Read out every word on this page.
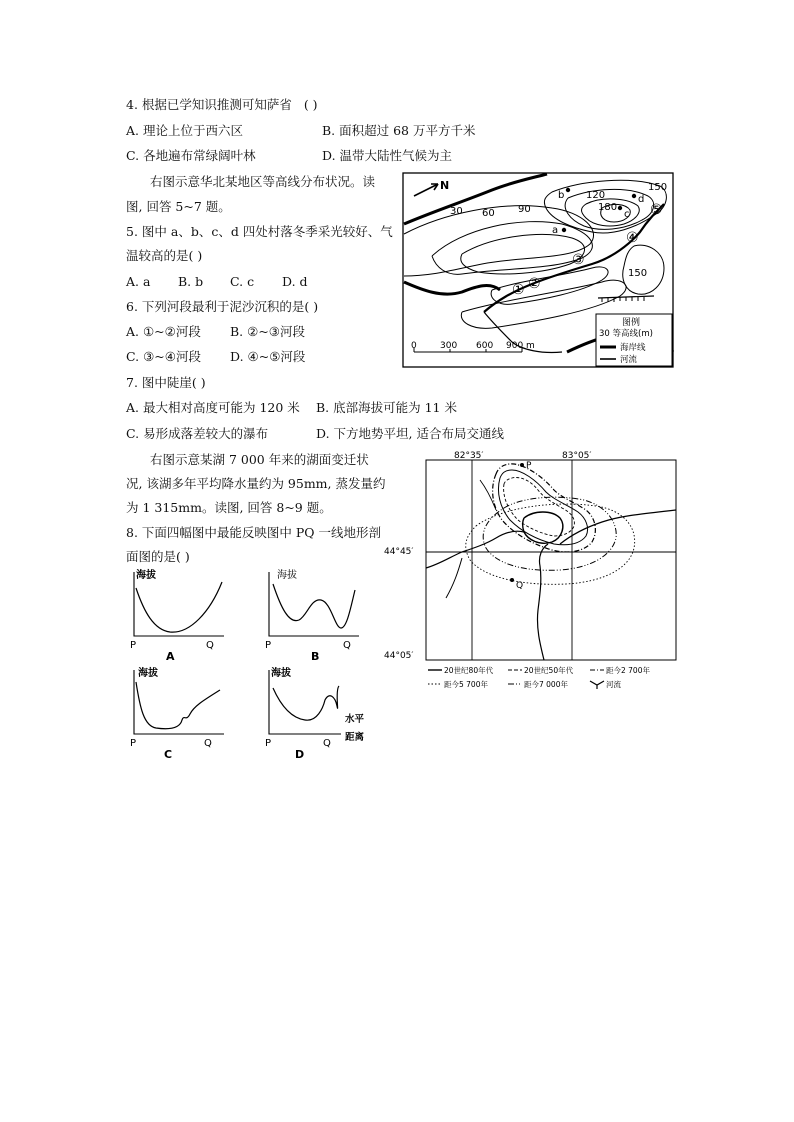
4. 根据已学知识推测可知萨省 ( )
A. 理论上位于西六区	B. 面积超过 68 万平方千米
C. 各地遍布常绿阔叶林	D. 温带大陆性气候为主
右图示意华北某地区等高线分布状况。读
图, 回答 5~7 题。
5. 图中 a、b、c、d 四处村落冬季采光较好、气
温较高的是( )
A. a B. b C. c D. d
6. 下列河段最利于泥沙沉积的是( )
A. ①~②河段 B. ②~③河段
C. ③~④河段 D. ④~⑤河段
7. 图中陡崖( )
A. 最大相对高度可能为 120 米 B. 底部海拔可能为 11 米
C. 易形成落差较大的瀑布	D. 下方地势平坦, 适合布局交通线
右图示意某湖 7 000 年来的湖面变迁状
况, 该湖多年平均降水量约为 95mm, 蒸发量约
为 1 315mm。读图, 回答 8~9 题。
8. 下面四幅图中最能反映图中 PQ 一线地形剖
面图的是( )
N
30 60 90
120
150
180
150
a
b
c
d
① ②
③
④
⑤
0	300 600 900 m
图例
30 等高线(m)
海岸线
河流
82°35′	83°05′
44°45′
44°05′
P
Q
20世纪80年代	20世纪50年代	距今2 700年
距今5 700年	距今7 000年	河流
海拔
P	Q
A
海拔
P	Q
B
海拔
P	Q
C
海拔
水平
P	Q
距离
D
